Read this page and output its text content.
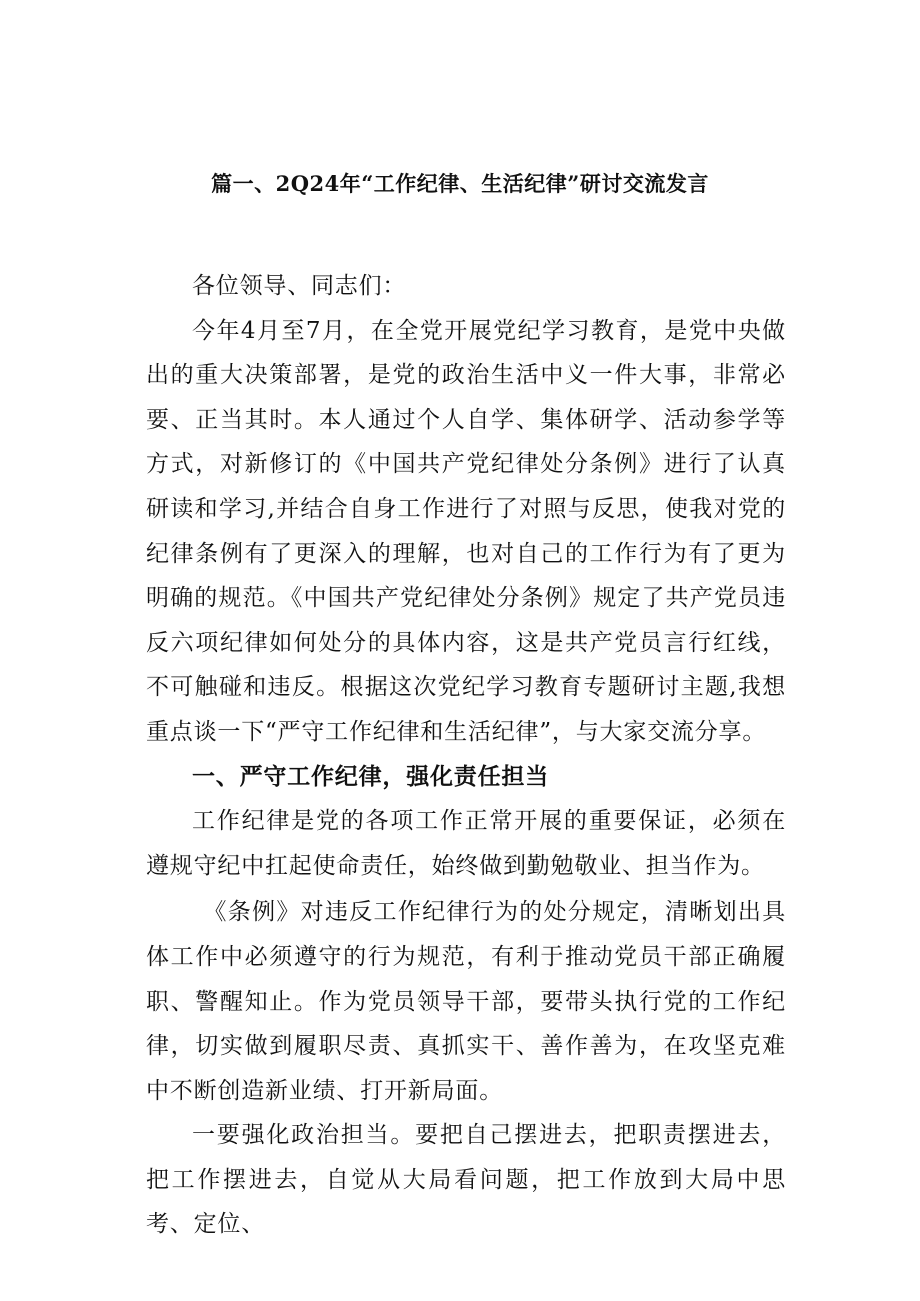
篇一、2Q24年“工作纪律、生活纪律”研讨交流发言

各位领导、同志们：

今年4月至7月，在全党开展党纪学习教育，是党中央做出的重大决策部署，是党的政治生活中义一件大事，非常必要、正当其时。本人通过个人自学、集体研学、活动参学等方式，对新修订的《中国共产党纪律处分条例》进行了认真研读和学习,并结合自身工作进行了对照与反思，使我对党的纪律条例有了更深入的理解，也对自己的工作行为有了更为明确的规范。《中国共产党纪律处分条例》规定了共产党员违反六项纪律如何处分的具体内容，这是共产党员言行红线，不可触碰和违反。根据这次党纪学习教育专题研讨主题,我想重点谈一下“严守工作纪律和生活纪律”，与大家交流分享。

一、严守工作纪律，强化责任担当

工作纪律是党的各项工作正常开展的重要保证，必须在遵规守纪中扛起使命责任，始终做到勤勉敬业、担当作为。

《条例》对违反工作纪律行为的处分规定，清晰划出具体工作中必须遵守的行为规范，有利于推动党员干部正确履职、警醒知止。作为党员领导干部，要带头执行党的工作纪律，切实做到履职尽责、真抓实干、善作善为，在攻坚克难中不断创造新业绩、打开新局面。

一要强化政治担当。要把自己摆进去，把职责摆进去，把工作摆进去，自觉从大局看问题，把工作放到大局中思考、定位、
